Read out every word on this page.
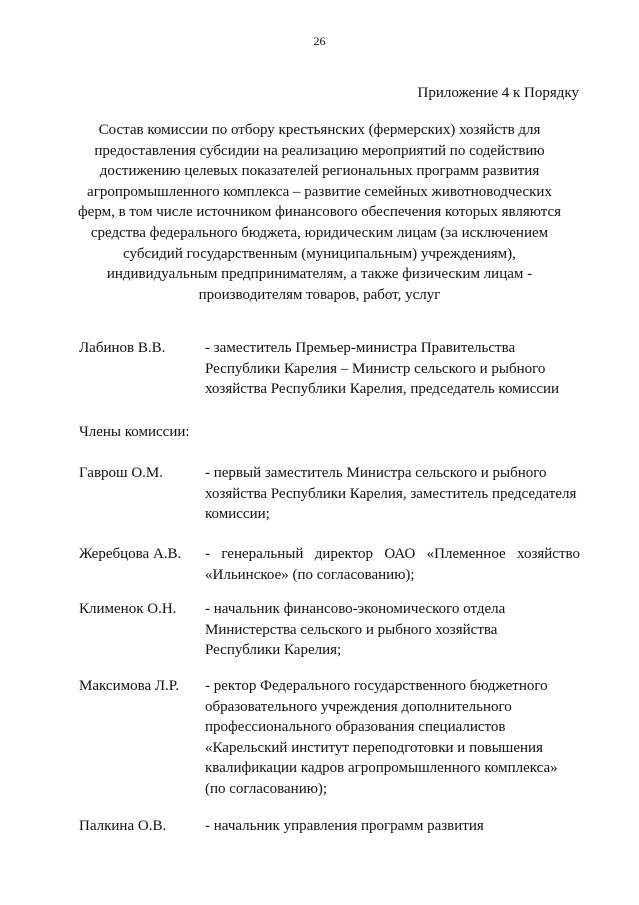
26
Приложение 4 к Порядку
Состав комиссии по отбору крестьянских (фермерских) хозяйств для
предоставления субсидии на реализацию мероприятий по содействию
достижению целевых показателей региональных программ развития
агропромышленного комплекса – развитие семейных животноводческих
ферм, в том числе источником финансового обеспечения которых являются
средства федерального бюджета, юридическим лицам (за исключением
субсидий государственным (муниципальным) учреждениям),
индивидуальным предпринимателям, а также физическим лицам -
производителям товаров, работ, услуг
Лабинов В.В.	- заместитель Премьер-министра Правительства
Республики Карелия – Министр сельского и рыбного
хозяйства Республики Карелия, председатель комиссии
Члены комиссии:
Гаврош О.М.	- первый заместитель Министра сельского и рыбного
хозяйства Республики Карелия, заместитель председателя
комиссии;
Жеребцова А.В. - генеральный директор ОАО «Племенное хозяйство
«Ильинское» (по согласованию);
Клименок О.Н. - начальник финансово-экономического отдела
Министерства сельского и рыбного хозяйства
Республики Карелия;
Максимова Л.Р. - ректор Федерального государственного бюджетного
образовательного учреждения дополнительного
профессионального образования специалистов
«Карельский институт переподготовки и повышения
квалификации кадров агропромышленного комплекса»
(по согласованию);
Палкина О.В.	- начальник управления программ развития
